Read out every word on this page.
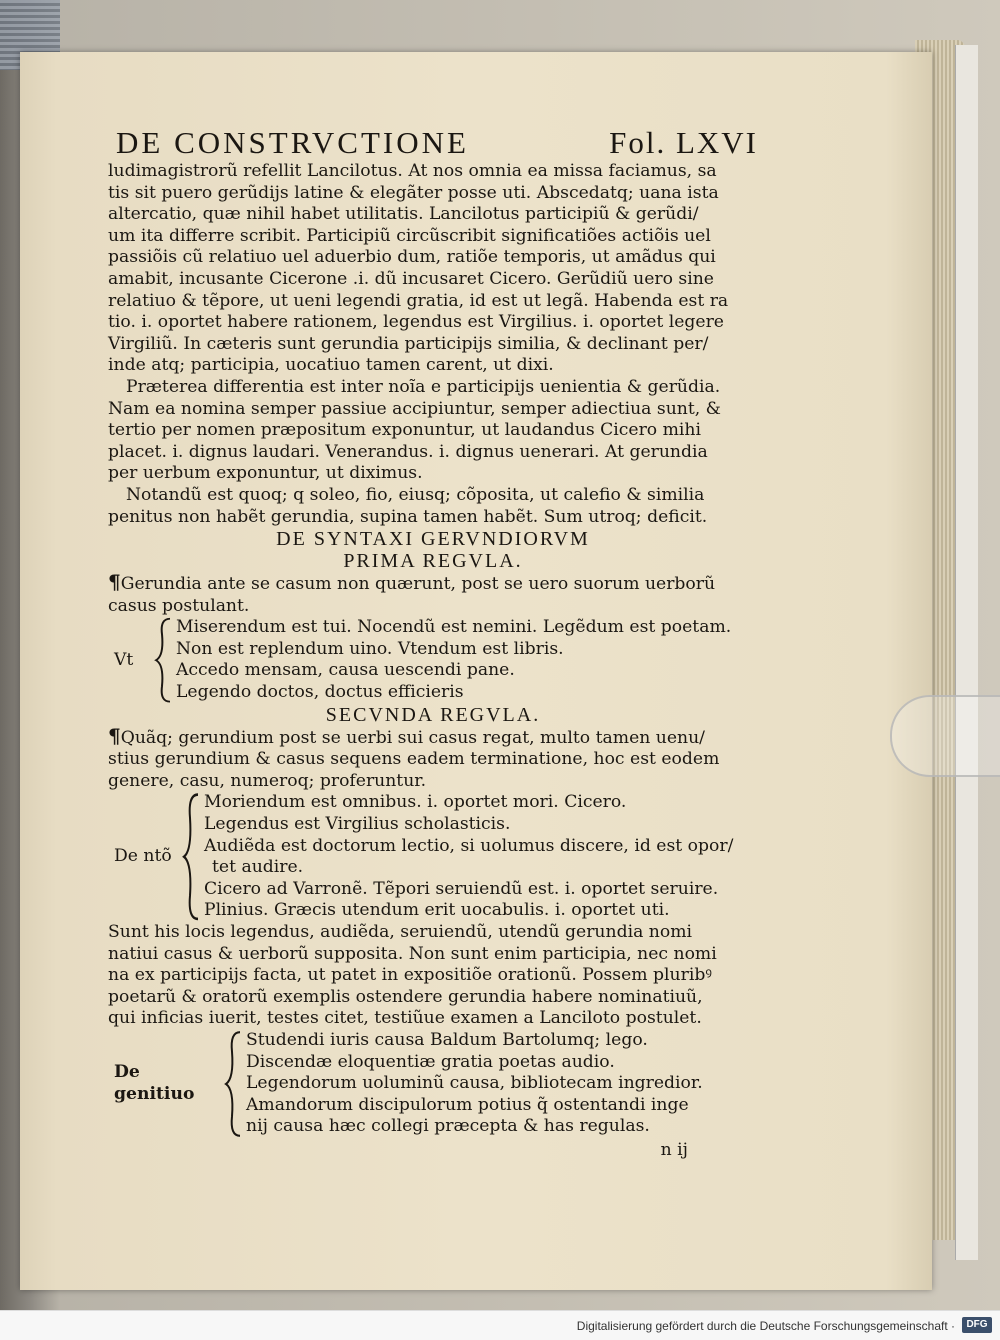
DE CONSTRVCTIONE	Fol. LXVI

ludimagistrorũ refellit Lancilotus. At nos omnia ea missa faciamus, sa

tis sit puero gerũdijs latine & elegãter posse uti. Abscedatq; uana ista

altercatio, quæ nihil habet utilitatis. Lancilotus participiũ & gerũdi/

um ita differre scribit. Participiũ circũscribit significatiões actiõis uel

passiõis cũ relatiuo uel aduerbio dum, ratiõe temporis, ut amãdus qui

amabit, incusante Cicerone .i. dũ incusaret Cicero. Gerũdiũ uero sine

relatiuo & tẽpore, ut ueni legendi gratia, id est ut legã. Habenda est ra

tio. i. oportet habere rationem, legendus est Virgilius. i. oportet legere

Virgiliũ. In cæteris sunt gerundia participijs similia, & declinant per/

inde atq; participia, uocatiuo tamen carent, ut dixi.

Præterea differentia est inter noĩa e participijs uenientia & gerũdia.

Nam ea nomina semper passiue accipiuntur, semper adiectiua sunt, &

tertio per nomen præpositum exponuntur, ut laudandus Cicero mihi

placet. i. dignus laudari. Venerandus. i. dignus uenerari. At gerundia

per uerbum exponuntur, ut diximus.

Notandũ est quoq; q soleo, fio, eiusq; cõposita, ut calefio & similia

penitus non habẽt gerundia, supina tamen habẽt. Sum utroq; deficit.

DE SYNTAXI GERVNDIORVM
PRIMA REGVLA.

¶Gerundia ante se casum non quærunt, post se uero suorum uerborũ

casus postulant.

Vt
Miserendum est tui. Nocendũ est nemini. Legẽdum est poetam.
Non est replendum uino. Vtendum est libris.
Accedo mensam, causa uescendi pane.
Legendo doctos, doctus efficieris
SECVNDA REGVLA.

¶Quãq; gerundium post se uerbi sui casus regat, multo tamen uenu/

stius gerundium & casus sequens eadem terminatione, hoc est eodem

genere, casu, numeroq; proferuntur.

De ntõ
Moriendum est omnibus. i. oportet mori. Cicero.
Legendus est Virgilius scholasticis.
Audiẽda est doctorum lectio, si uolumus discere, id est opor/
tet audire.
Cicero ad Varronẽ. Tẽpori seruiendũ est. i. oportet seruire.
Plinius. Græcis utendum erit uocabulis. i. oportet uti.

Sunt his locis legendus, audiẽda, seruiendũ, utendũ gerundia nomi

natiui casus & uerborũ supposita. Non sunt enim participia, nec nomi

na ex participijs facta, ut patet in expositiõe orationũ. Possem pluribꝰ

poetarũ & oratorũ exemplis ostendere gerundia habere nominatiuũ,

qui inficias iuerit, testes citet, testiũue examen a Lanciloto postulet.

De genitiuo
Studendi iuris causa Baldum Bartolumq; lego.
Discendæ eloquentiæ gratia poetas audio.
Legendorum uoluminũ causa, bibliotecam ingredior.
Amandorum discipulorum potius q̃ ostentandi inge
nij causa hæc collegi præcepta & has regulas.
n ij
Digitalisierung gefördert durch die Deutsche Forschungsgemeinschaft ·	DFG
